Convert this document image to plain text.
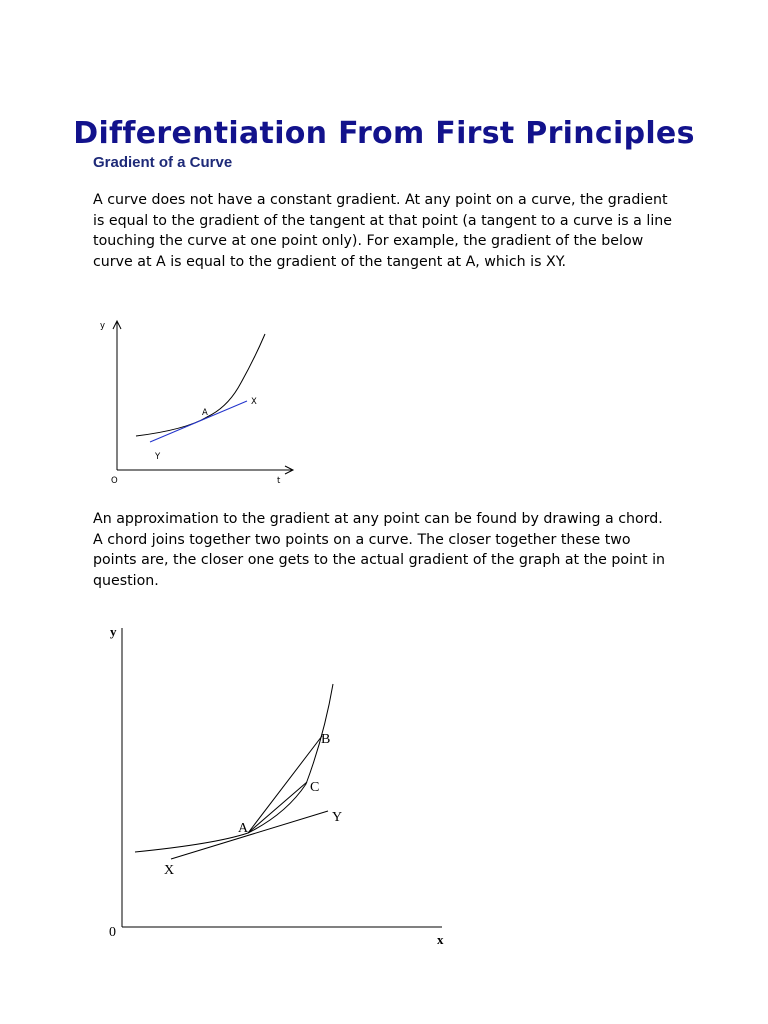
Differentiation From First Principles
Gradient of a Curve

A curve does not have a constant gradient. At any point on a curve, the gradient is equal to the gradient of the tangent at that point (a tangent to a curve is a line touching the curve at one point only). For example, the gradient of the below curve at A is equal to the gradient of the tangent at A, which is XY.

y
O	t
A
X
Y

An approximation to the gradient at any point can be found by drawing a chord. A chord joins together two points on a curve. The closer together these two points are, the closer one gets to the actual gradient of the graph at the point in question.

y
0	x
B
C
A
Y
X
